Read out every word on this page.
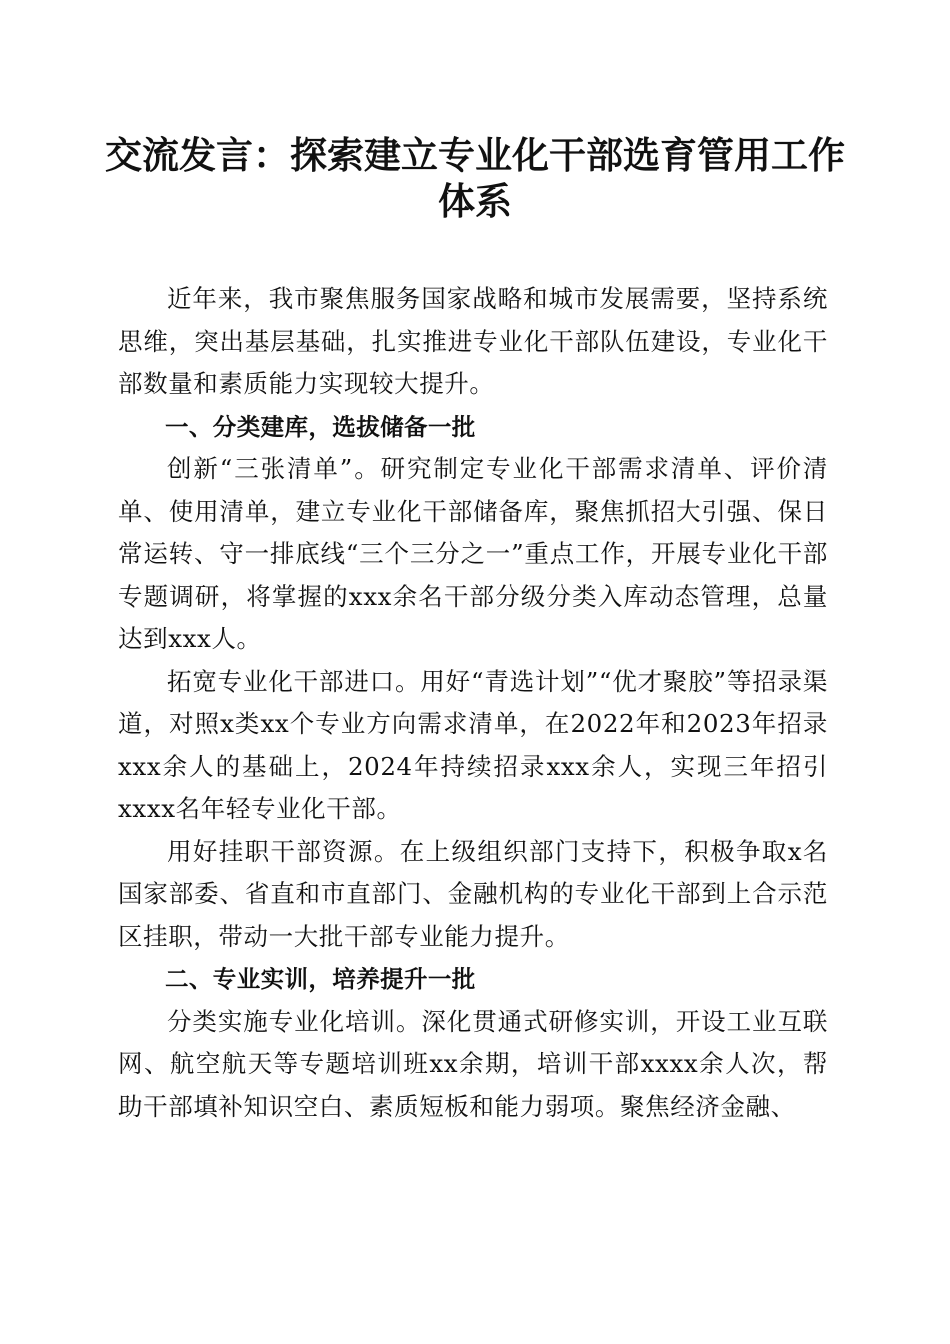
交流发言：探索建立专业化干部选育管用工作体系

近年来，我市聚焦服务国家战略和城市发展需要，坚持系统思维，突出基层基础，扎实推进专业化干部队伍建设，专业化干部数量和素质能力实现较大提升。

一、分类建库，选拔储备一批

创新“三张清单”。研究制定专业化干部需求清单、评价清单、使用清单，建立专业化干部储备库，聚焦抓招大引强、保日常运转、守一排底线“三个三分之一”重点工作，开展专业化干部专题调研，将掌握的xxx余名干部分级分类入库动态管理，总量达到xxx人。

拓宽专业化干部进口。用好“青选计划”“优才聚胶”等招录渠道，对照x类xx个专业方向需求清单，在2022年和2023年招录xxx余人的基础上，2024年持续招录xxx余人，实现三年招引xxxx名年轻专业化干部。

用好挂职干部资源。在上级组织部门支持下，积极争取x名国家部委、省直和市直部门、金融机构的专业化干部到上合示范区挂职，带动一大批干部专业能力提升。

二、专业实训，培养提升一批

分类实施专业化培训。深化贯通式研修实训，开设工业互联网、航空航天等专题培训班xx余期，培训干部xxxx余人次，帮助干部填补知识空白、素质短板和能力弱项。聚焦经济金融、
